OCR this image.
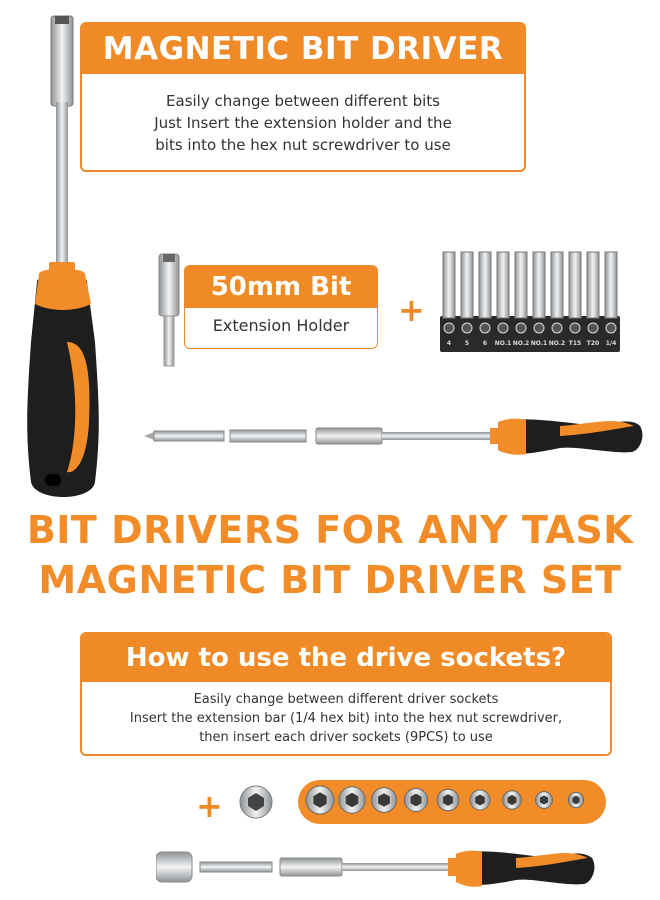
MAGNETIC BIT DRIVER
Easily change between different bits
Just Insert the extension holder and the
bits into the hex nut screwdriver to use
50mm Bit
Extension Holder	+
4 5 6 NO.1 NO.2 NO.1 NO.2 T15 T20 1/4
BIT DRIVERS FOR ANY TASK
MAGNETIC BIT DRIVER SET
How to use the drive sockets?
Easily change between different driver sockets
Insert the extension bar (1/4 hex bit) into the hex nut screwdriver,
then insert each driver sockets (9PCS) to use
+
